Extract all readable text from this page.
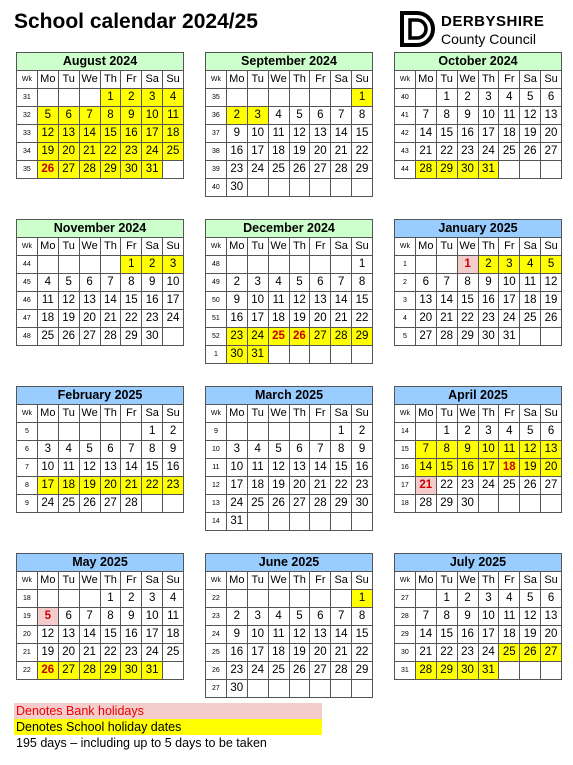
School calendar 2024/25	DERBYSHIRE
County Council
August 2024							
Wk	Mo	Tu	We	Th	Fr	Sa	Su
31				1	2	3	4
32	5	6	7	8	9	10	11
33	12	13	14	15	16	17	18
34	19	20	21	22	23	24	25
35	26	27	28	29	30	31	
September 2024							
Wk	Mo	Tu	We	Th	Fr	Sa	Su
35							1
36	2	3	4	5	6	7	8
37	9	10	11	12	13	14	15
38	16	17	18	19	20	21	22
39	23	24	25	26	27	28	29
40	30						
October 2024							
Wk	Mo	Tu	We	Th	Fr	Sa	Su
40		1	2	3	4	5	6
41	7	8	9	10	11	12	13
42	14	15	16	17	18	19	20
43	21	22	23	24	25	26	27
44	28	29	30	31			
November 2024							
Wk	Mo	Tu	We	Th	Fr	Sa	Su
44					1	2	3
45	4	5	6	7	8	9	10
46	11	12	13	14	15	16	17
47	18	19	20	21	22	23	24
48	25	26	27	28	29	30	
December 2024							
Wk	Mo	Tu	We	Th	Fr	Sa	Su
48							1
49	2	3	4	5	6	7	8
50	9	10	11	12	13	14	15
51	16	17	18	19	20	21	22
52	23	24	25	26	27	28	29
1	30	31					
January 2025							
Wk	Mo	Tu	We	Th	Fr	Sa	Su
1			1	2	3	4	5
2	6	7	8	9	10	11	12
3	13	14	15	16	17	18	19
4	20	21	22	23	24	25	26
5	27	28	29	30	31		
February 2025							
Wk	Mo	Tu	We	Th	Fr	Sa	Su
5						1	2
6	3	4	5	6	7	8	9
7	10	11	12	13	14	15	16
8	17	18	19	20	21	22	23
9	24	25	26	27	28		
March 2025							
Wk	Mo	Tu	We	Th	Fr	Sa	Su
9						1	2
10	3	4	5	6	7	8	9
11	10	11	12	13	14	15	16
12	17	18	19	20	21	22	23
13	24	25	26	27	28	29	30
14	31						
April 2025							
Wk	Mo	Tu	We	Th	Fr	Sa	Su
14		1	2	3	4	5	6
15	7	8	9	10	11	12	13
16	14	15	16	17	18	19	20
17	21	22	23	24	25	26	27
18	28	29	30				
May 2025							
Wk	Mo	Tu	We	Th	Fr	Sa	Su
18				1	2	3	4
19	5	6	7	8	9	10	11
20	12	13	14	15	16	17	18
21	19	20	21	22	23	24	25
22	26	27	28	29	30	31	
June 2025							
Wk	Mo	Tu	We	Th	Fr	Sa	Su
22							1
23	2	3	4	5	6	7	8
24	9	10	11	12	13	14	15
25	16	17	18	19	20	21	22
26	23	24	25	26	27	28	29
27	30						
July 2025							
Wk	Mo	Tu	We	Th	Fr	Sa	Su
27		1	2	3	4	5	6
28	7	8	9	10	11	12	13
29	14	15	16	17	18	19	20
30	21	22	23	24	25	26	27
31	28	29	30	31			
Denotes Bank holidays
Denotes School holiday dates
195 days – including up to 5 days to be taken
